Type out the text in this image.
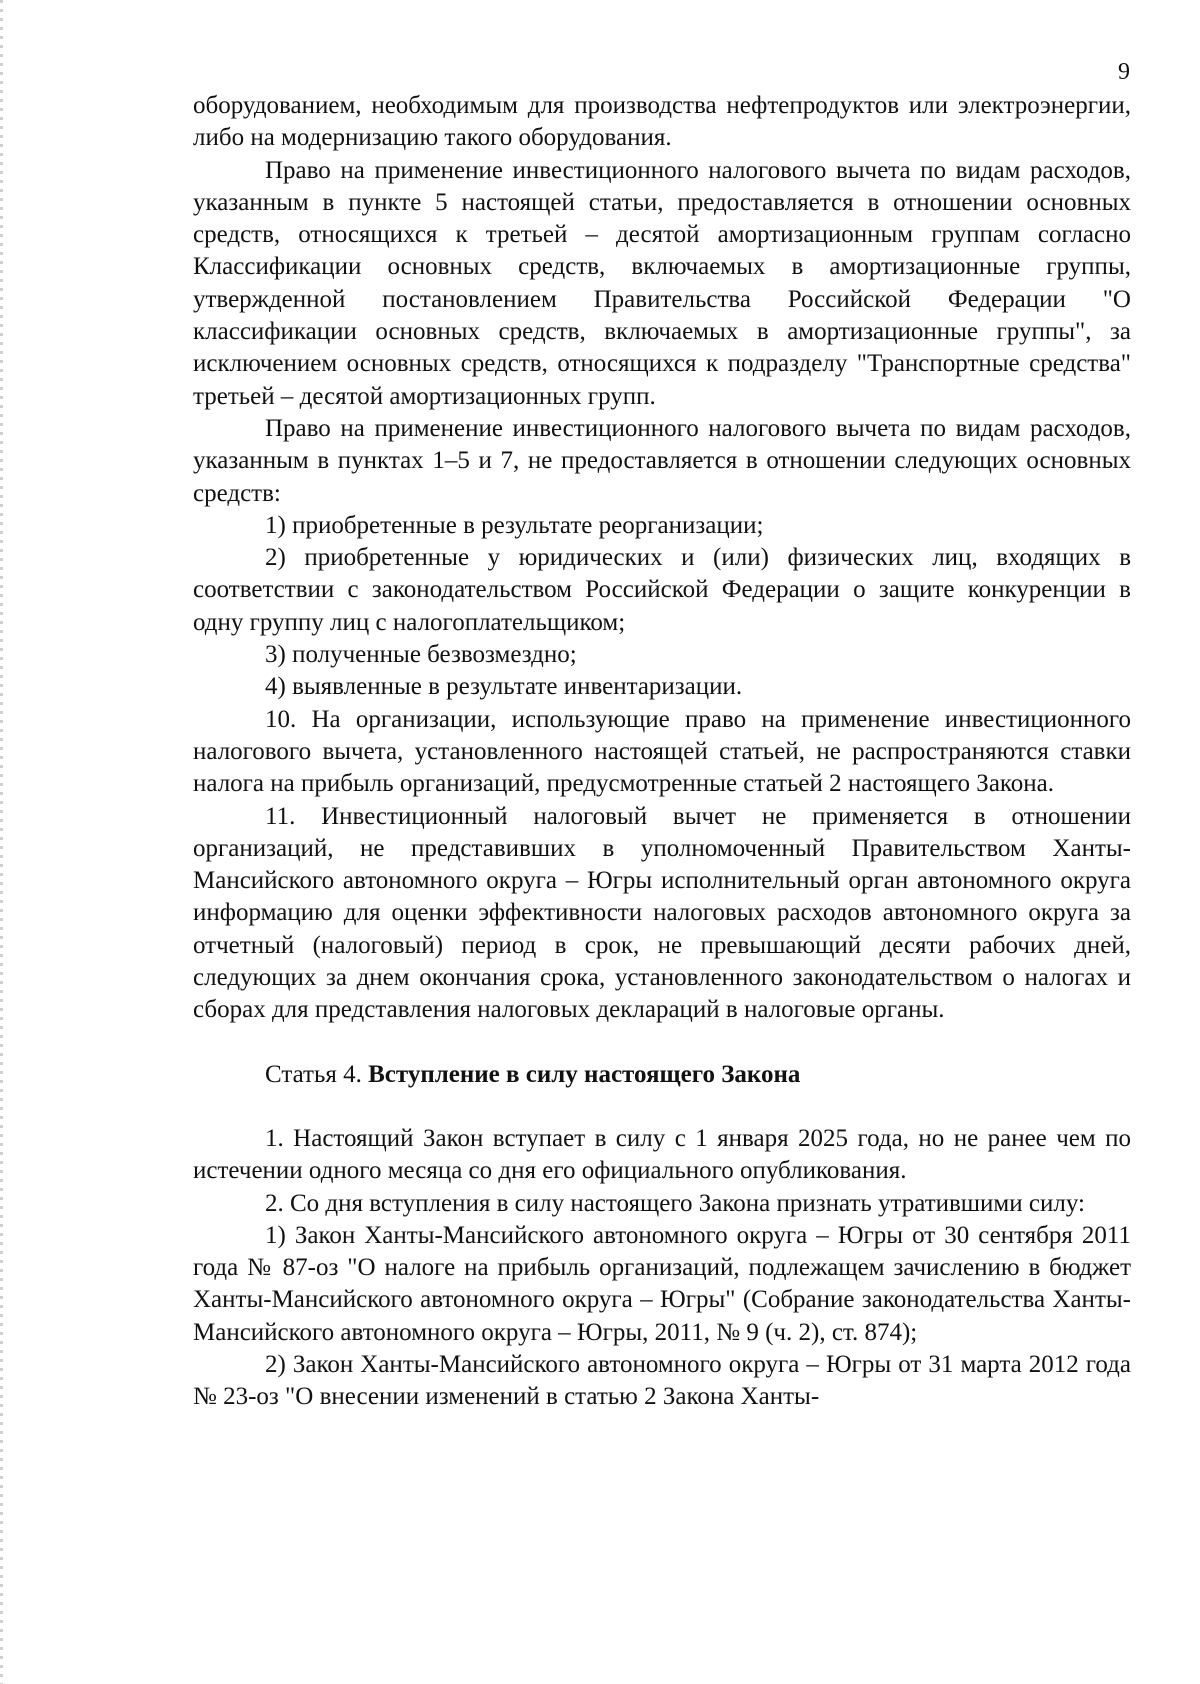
9

оборудованием, необходимым для производства нефтепродуктов или электроэнергии, либо на модернизацию такого оборудования.

Право на применение инвестиционного налогового вычета по видам расходов, указанным в пункте 5 настоящей статьи, предоставляется в отношении основных средств, относящихся к третьей – десятой амортизационным группам согласно Классификации основных средств, включаемых в амортизационные группы, утвержденной постановлением Правительства Российской Федерации "О классификации основных средств, включаемых в амортизационные группы", за исключением основных средств, относящихся к подразделу "Транспортные средства" третьей – десятой амортизационных групп.

Право на применение инвестиционного налогового вычета по видам расходов, указанным в пунктах 1–5 и 7, не предоставляется в отношении следующих основных средств:

1) приобретенные в результате реорганизации;

2) приобретенные у юридических и (или) физических лиц, входящих в соответствии с законодательством Российской Федерации о защите конкуренции в одну группу лиц с налогоплательщиком;

3) полученные безвозмездно;

4) выявленные в результате инвентаризации.

10. На организации, использующие право на применение инвестиционного налогового вычета, установленного настоящей статьей, не распространяются ставки налога на прибыль организаций, предусмотренные статьей 2 настоящего Закона.

11. Инвестиционный налоговый вычет не применяется в отношении организаций, не представивших в уполномоченный Правительством Ханты-Мансийского автономного округа – Югры исполнительный орган автономного округа информацию для оценки эффективности налоговых расходов автономного округа за отчетный (налоговый) период в срок, не превышающий десяти рабочих дней, следующих за днем окончания срока, установленного законодательством о налогах и сборах для представления налоговых деклараций в налоговые органы.

Статья 4. Вступление в силу настоящего Закона

1. Настоящий Закон вступает в силу с 1 января 2025 года, но не ранее чем по истечении одного месяца со дня его официального опубликования.

2. Со дня вступления в силу настоящего Закона признать утратившими силу:

1) Закон Ханты-Мансийского автономного округа – Югры от 30 сентября 2011 года № 87-оз "О налоге на прибыль организаций, подлежащем зачислению в бюджет Ханты-Мансийского автономного округа – Югры" (Собрание законодательства Ханты-Мансийского автономного округа – Югры, 2011, № 9 (ч. 2), ст. 874);

2) Закон Ханты-Мансийского автономного округа – Югры от 31 марта 2012 года № 23-оз "О внесении изменений в статью 2 Закона Ханты-
